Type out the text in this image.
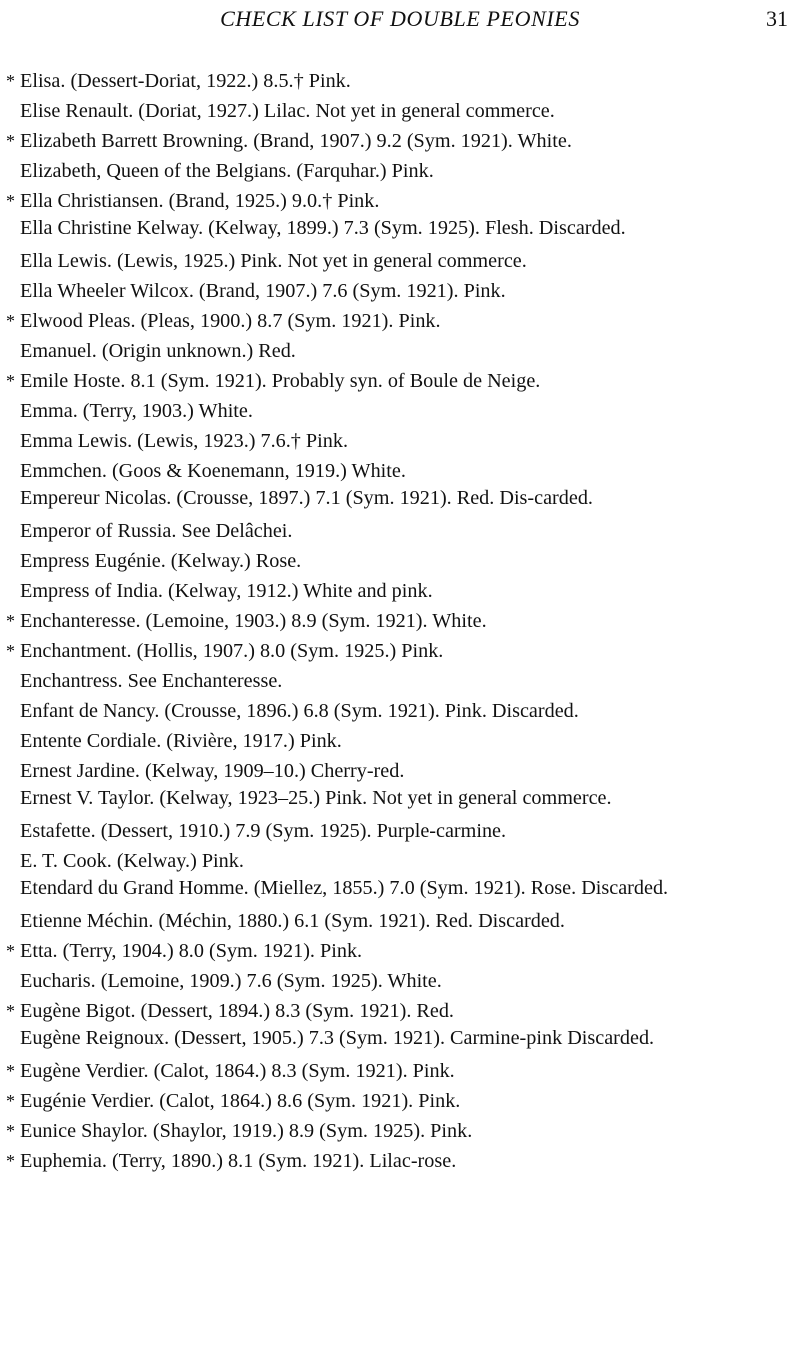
CHECK LIST OF DOUBLE PEONIES	31
* Elisa. (Dessert-Doriat, 1922.) 8.5.† Pink.
Elise Renault. (Doriat, 1927.) Lilac. Not yet in general commerce.
* Elizabeth Barrett Browning. (Brand, 1907.) 9.2 (Sym. 1921). White.
Elizabeth, Queen of the Belgians. (Farquhar.) Pink.
* Ella Christiansen. (Brand, 1925.) 9.0.† Pink.
Ella Christine Kelway. (Kelway, 1899.) 7.3 (Sym. 1925). Flesh. Discarded.
Ella Lewis. (Lewis, 1925.) Pink. Not yet in general commerce.
Ella Wheeler Wilcox. (Brand, 1907.) 7.6 (Sym. 1921). Pink.
* Elwood Pleas. (Pleas, 1900.) 8.7 (Sym. 1921). Pink.
Emanuel. (Origin unknown.) Red.
* Emile Hoste. 8.1 (Sym. 1921). Probably syn. of Boule de Neige.
Emma. (Terry, 1903.) White.
Emma Lewis. (Lewis, 1923.) 7.6.† Pink.
Emmchen. (Goos & Koenemann, 1919.) White.
Empereur Nicolas. (Crousse, 1897.) 7.1 (Sym. 1921). Red. Dis-carded.
Emperor of Russia. See Delâchei.
Empress Eugénie. (Kelway.) Rose.
Empress of India. (Kelway, 1912.) White and pink.
* Enchanteresse. (Lemoine, 1903.) 8.9 (Sym. 1921). White.
* Enchantment. (Hollis, 1907.) 8.0 (Sym. 1925.) Pink.
Enchantress. See Enchanteresse.
Enfant de Nancy. (Crousse, 1896.) 6.8 (Sym. 1921). Pink. Discarded.
Entente Cordiale. (Rivière, 1917.) Pink.
Ernest Jardine. (Kelway, 1909–10.) Cherry-red.
Ernest V. Taylor. (Kelway, 1923–25.) Pink. Not yet in general commerce.
Estafette. (Dessert, 1910.) 7.9 (Sym. 1925). Purple-carmine.
E. T. Cook. (Kelway.) Pink.
Etendard du Grand Homme. (Miellez, 1855.) 7.0 (Sym. 1921). Rose. Discarded.
Etienne Méchin. (Méchin, 1880.) 6.1 (Sym. 1921). Red. Discarded.
* Etta. (Terry, 1904.) 8.0 (Sym. 1921). Pink.
Eucharis. (Lemoine, 1909.) 7.6 (Sym. 1925). White.
* Eugène Bigot. (Dessert, 1894.) 8.3 (Sym. 1921). Red.
Eugène Reignoux. (Dessert, 1905.) 7.3 (Sym. 1921). Carmine-pink Discarded.
* Eugène Verdier. (Calot, 1864.) 8.3 (Sym. 1921). Pink.
* Eugénie Verdier. (Calot, 1864.) 8.6 (Sym. 1921). Pink.
* Eunice Shaylor. (Shaylor, 1919.) 8.9 (Sym. 1925). Pink.
* Euphemia. (Terry, 1890.) 8.1 (Sym. 1921). Lilac-rose.
